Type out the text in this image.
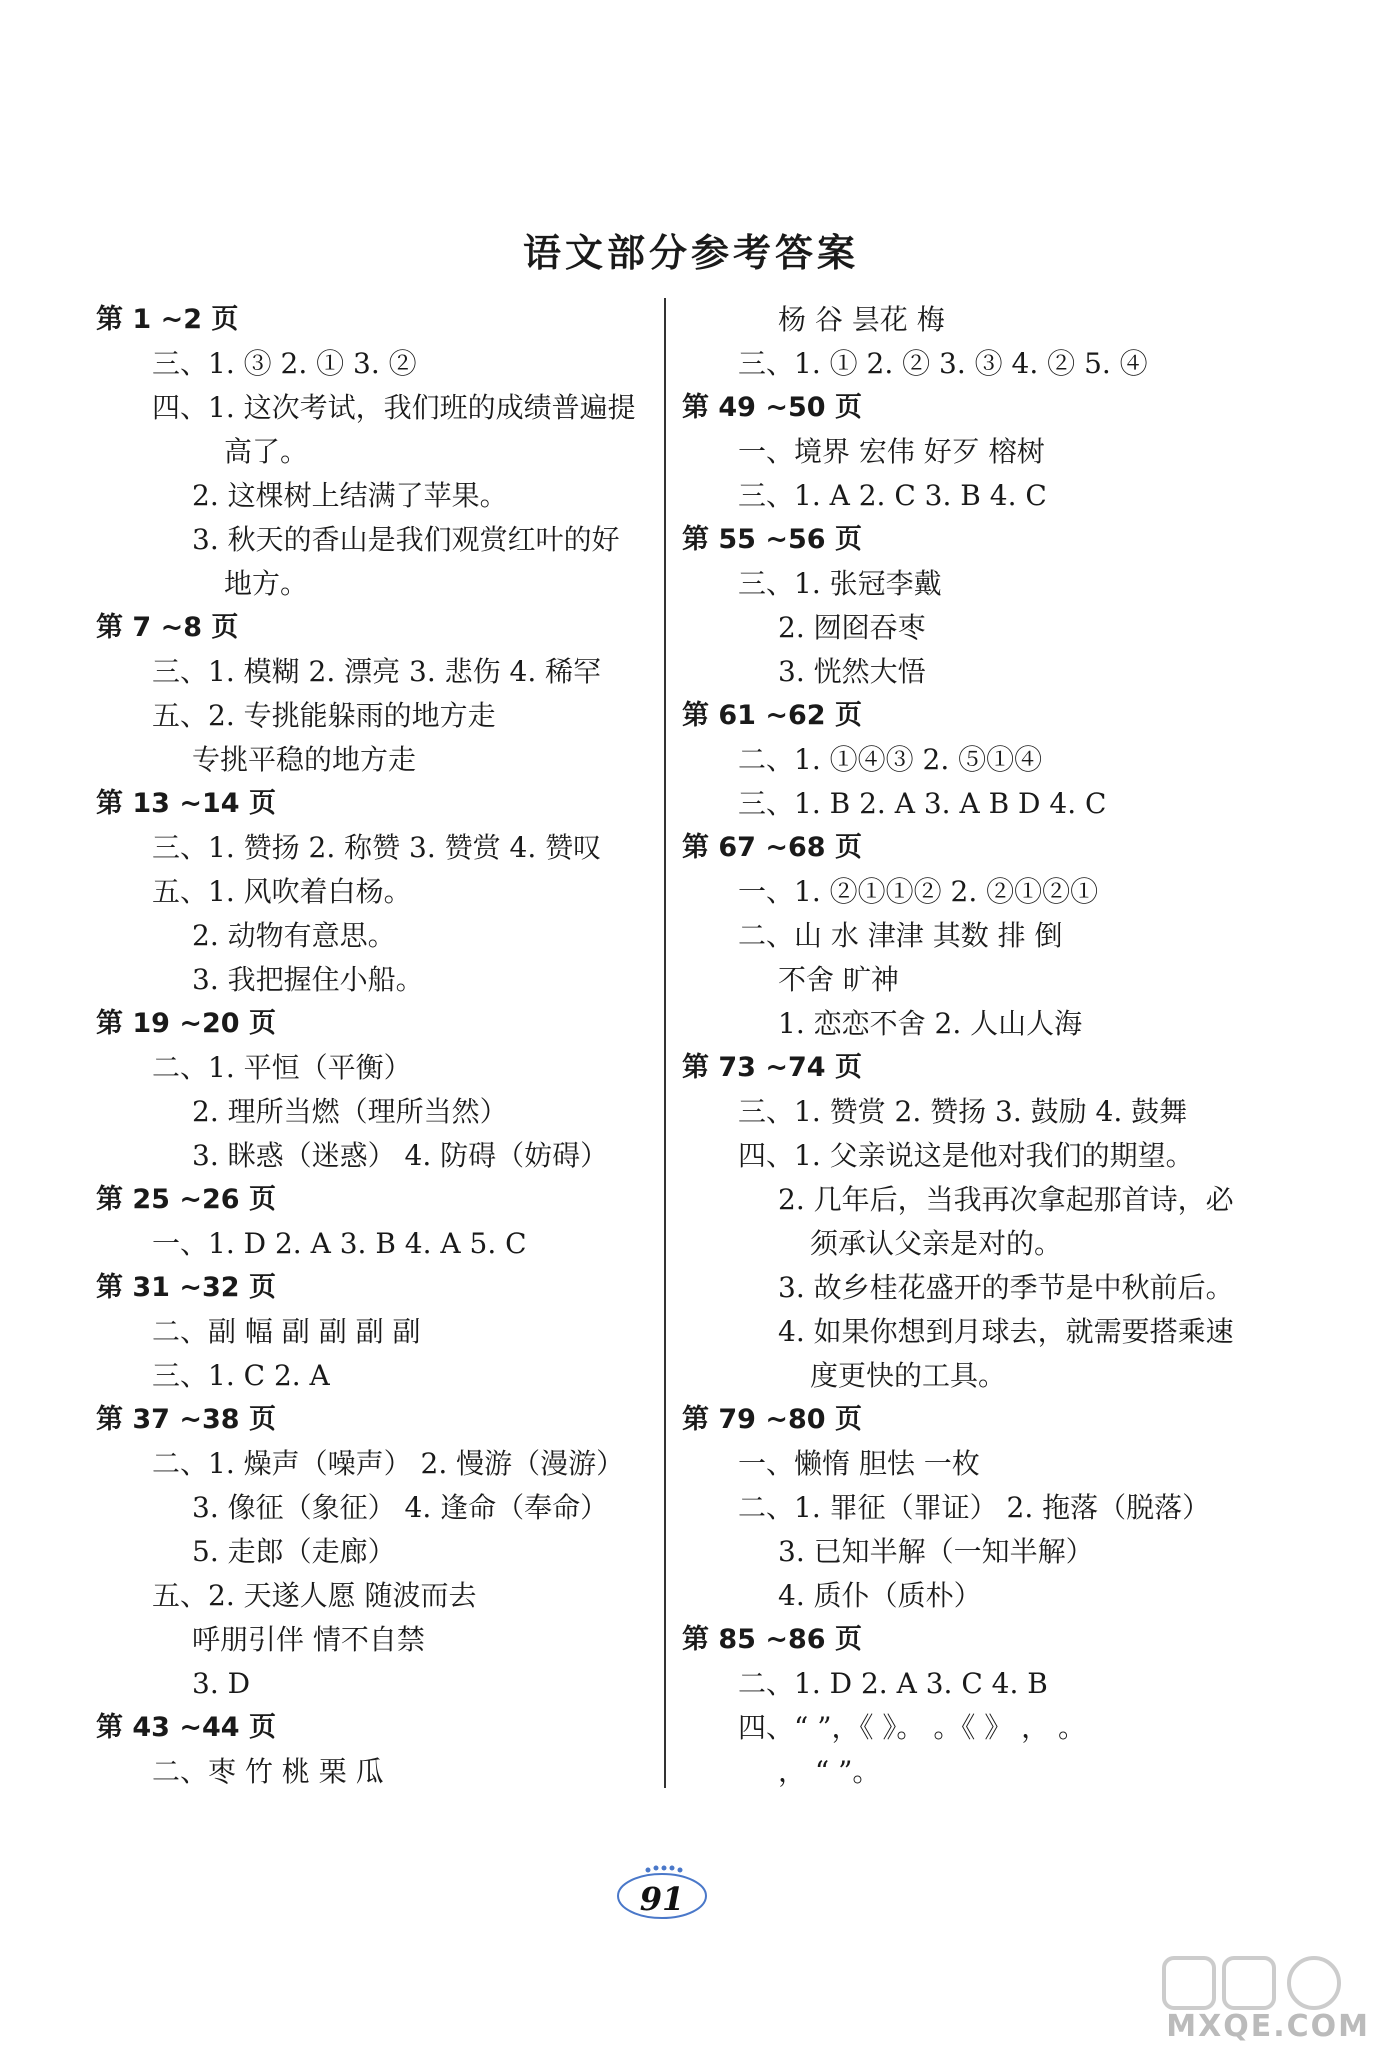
语文部分参考答案
第 1 ~2 页
三、1. ③ 2. ① 3. ②
四、1. 这次考试，我们班的成绩普遍提
高了。
2. 这棵树上结满了苹果。
3. 秋天的香山是我们观赏红叶的好
地方。
第 7 ~8 页
三、1. 模糊 2. 漂亮 3. 悲伤 4. 稀罕
五、2. 专挑能躲雨的地方走
专挑平稳的地方走
第 13 ~14 页
三、1. 赞扬 2. 称赞 3. 赞赏 4. 赞叹
五、1. 风吹着白杨。
2. 动物有意思。
3. 我把握住小船。
第 19 ~20 页
二、1. 平恒（平衡）
2. 理所当燃（理所当然）
3. 眯惑（迷惑） 4. 防碍（妨碍）
第 25 ~26 页
一、1. D 2. A 3. B 4. A 5. C
第 31 ~32 页
二、副 幅 副 副 副 副
三、1. C 2. A
第 37 ~38 页
二、1. 燥声（噪声） 2. 慢游（漫游）
3. 像征（象征） 4. 逢命（奉命）
5. 走郎（走廊）
五、2. 天遂人愿 随波而去
呼朋引伴 情不自禁
3. D
第 43 ~44 页
二、枣 竹 桃 栗 瓜
杨 谷 昙花 梅
三、1. ① 2. ② 3. ③ 4. ② 5. ④
第 49 ~50 页
一、境界 宏伟 好歹 榕树
三、1. A 2. C 3. B 4. C
第 55 ~56 页
三、1. 张冠李戴
2. 囫囵吞枣
3. 恍然大悟
第 61 ~62 页
二、1. ①④③ 2. ⑤①④
三、1. B 2. A 3. A B D 4. C
第 67 ~68 页
一、1. ②①①② 2. ②①②①
二、山 水 津津 其数 排 倒
不舍 旷神
1. 恋恋不舍 2. 人山人海
第 73 ~74 页
三、1. 赞赏 2. 赞扬 3. 鼓励 4. 鼓舞
四、1. 父亲说这是他对我们的期望。
2. 几年后，当我再次拿起那首诗，必
须承认父亲是对的。
3. 故乡桂花盛开的季节是中秋前后。
4. 如果你想到月球去，就需要搭乘速
度更快的工具。
第 79 ~80 页
一、懒惰 胆怯 一枚
二、1. 罪征（罪证） 2. 拖落（脱落）
3. 已知半解（一知半解）
4. 质仆（质朴）
第 85 ~86 页
二、1. D 2. A 3. C 4. B
四、“ ”，《 》。 。《 》 ， 。
， “ ”。
91
MXQE.COM
